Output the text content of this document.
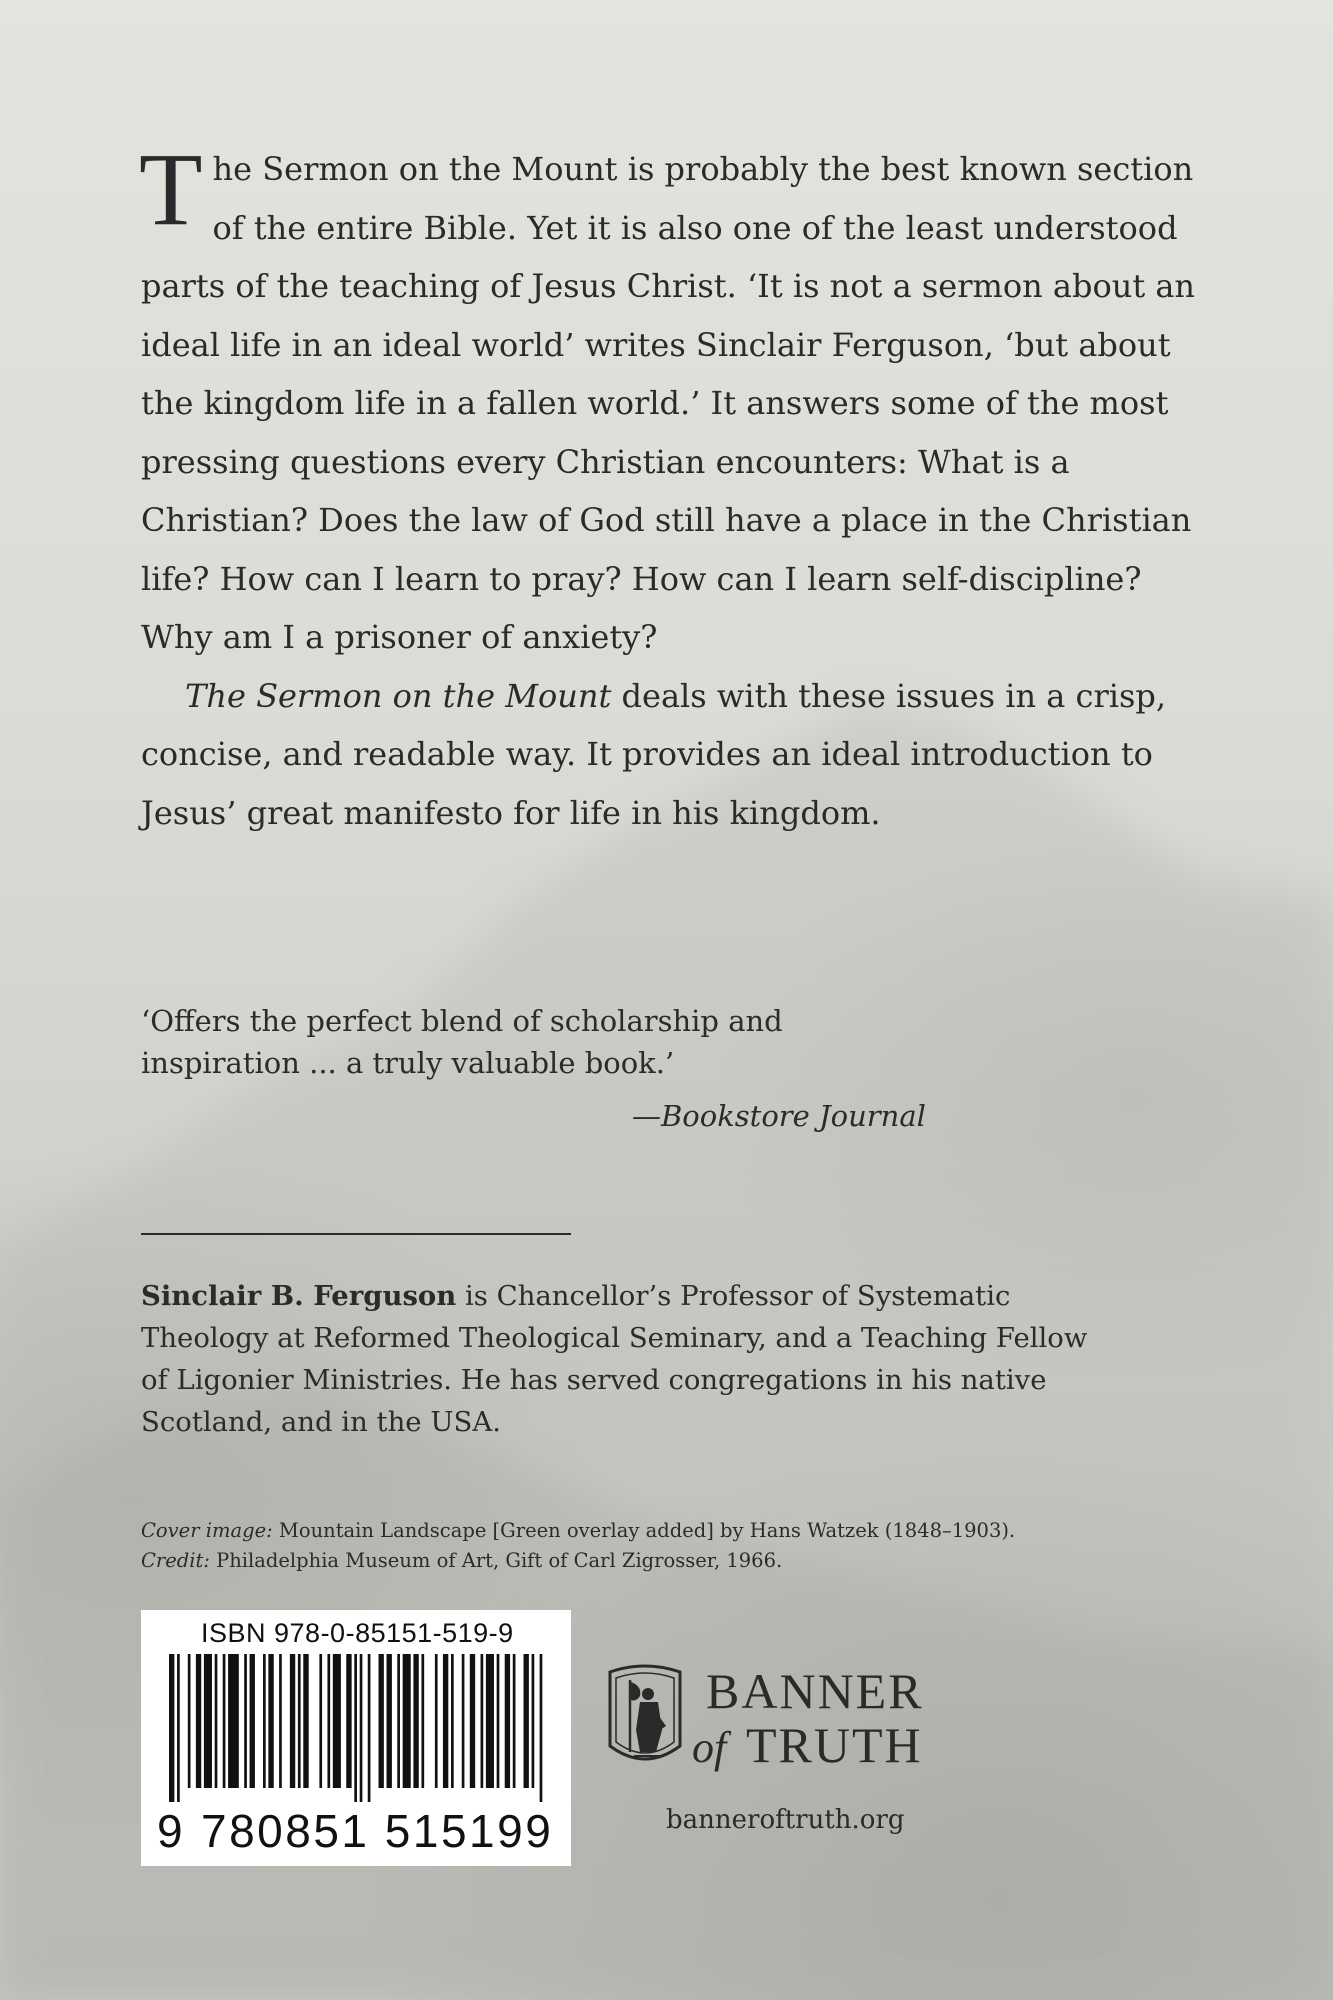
The Sermon on the Mount is probably the best known section of the entire Bible. Yet it is also one of the least understood parts of the teaching of Jesus Christ. ‘It is not a sermon about an ideal life in an ideal world’ writes Sinclair Ferguson, ‘but about the kingdom life in a fallen world.’ It answers some of the most pressing questions every Christian encounters: What is a Christian? Does the law of God still have a place in the Christian life? How can I learn to pray? How can I learn self-discipline? Why am I a prisoner of anxiety?

The Sermon on the Mount deals with these issues in a crisp, concise, and readable way. It provides an ideal introduction to Jesus’ great manifesto for life in his kingdom.

‘Offers the perfect blend of scholarship and inspiration ... a truly valuable book.’
—Bookstore Journal
Sinclair B. Ferguson is Chancellor’s Professor of Systematic Theology at Reformed Theological Seminary, and a Teaching Fellow of Ligonier Ministries. He has served congregations in his native Scotland, and in the USA.
Cover image: Mountain Landscape [Green overlay added] by Hans Watzek (1848–1903).
Credit: Philadelphia Museum of Art, Gift of Carl Zigrosser, 1966.
ISBN 978-0-85151-519-9
9 780851 515199
BANNER
of TRUTH
banneroftruth.org
